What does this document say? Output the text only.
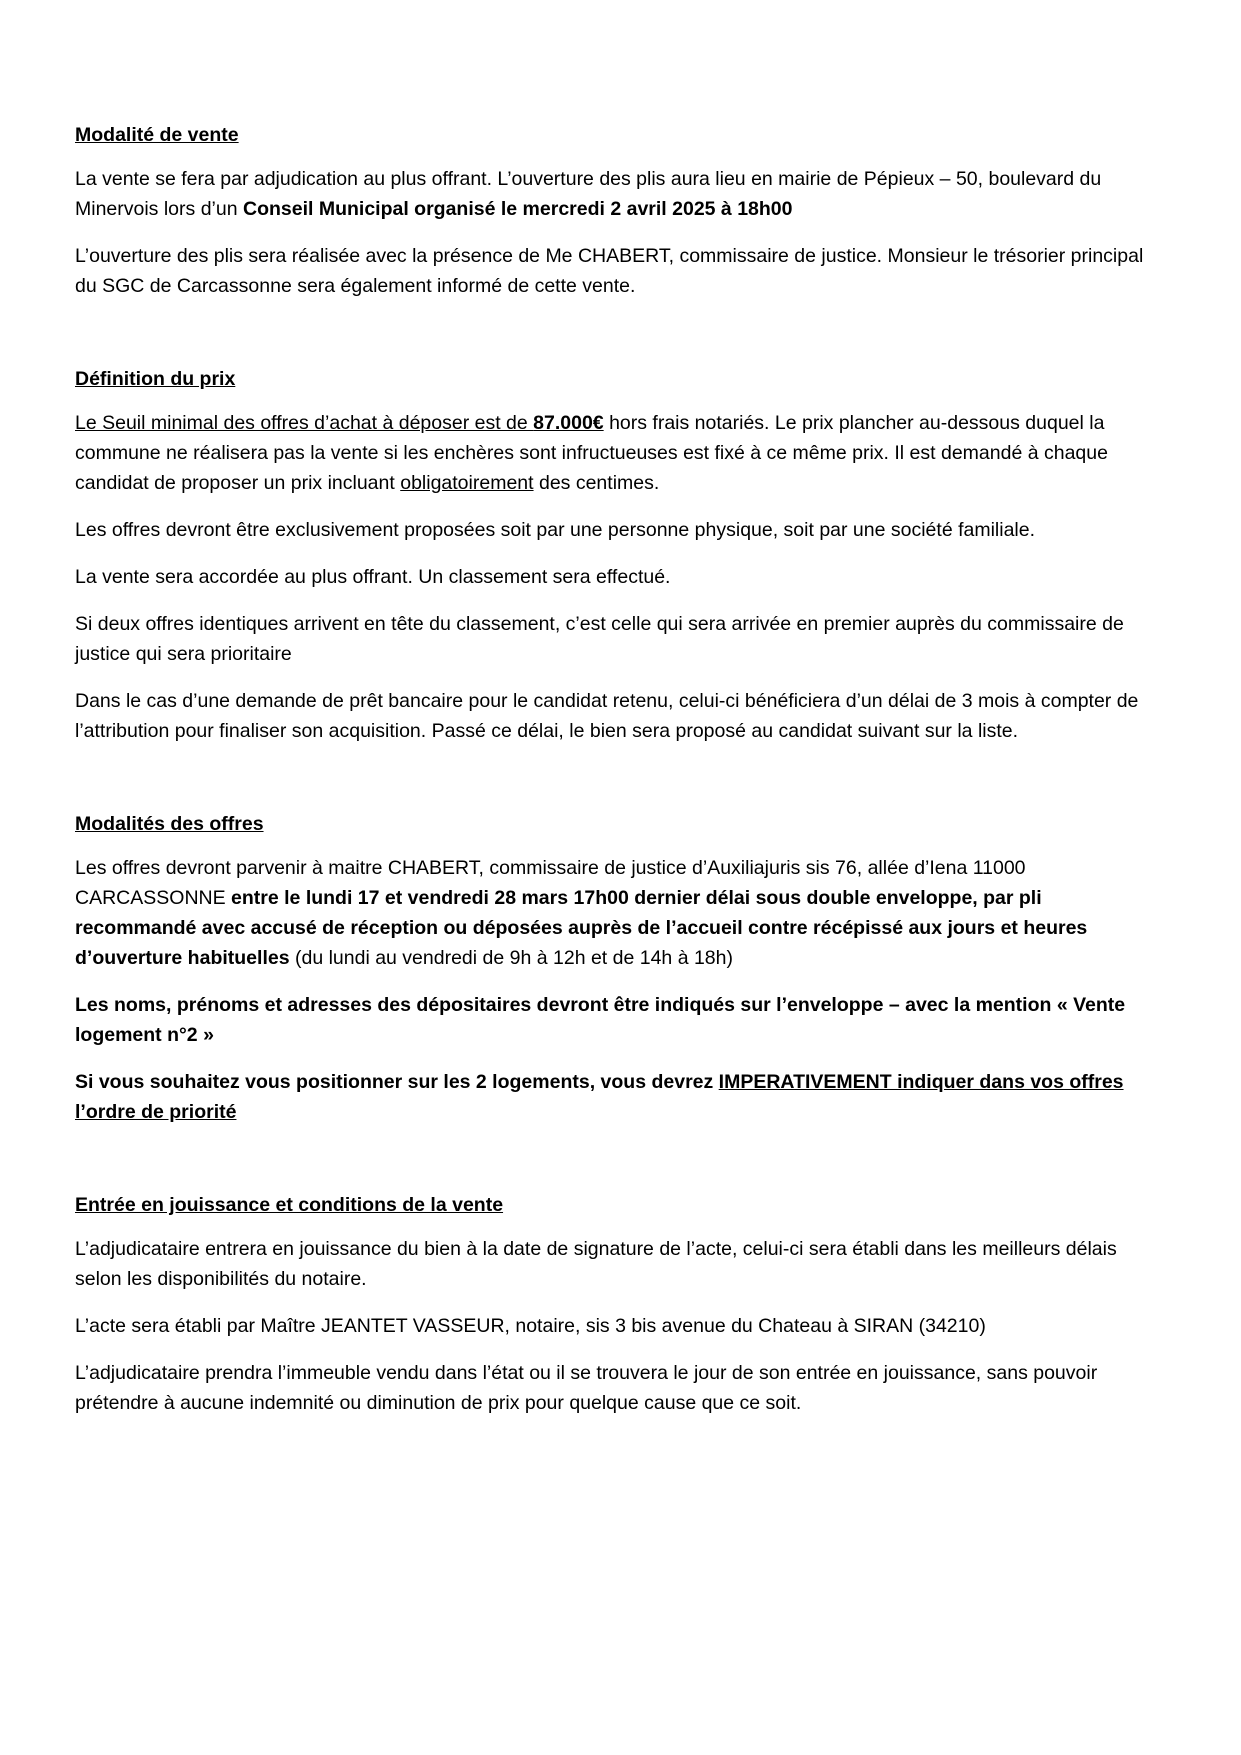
Modalité de vente

La vente se fera par adjudication au plus offrant. L’ouverture des plis aura lieu en mairie de Pépieux – 50, boulevard du Minervois lors d’un Conseil Municipal organisé le mercredi 2 avril 2025 à 18h00

L’ouverture des plis sera réalisée avec la présence de Me CHABERT, commissaire de justice. Monsieur le trésorier principal du SGC de Carcassonne sera également informé de cette vente.

Définition du prix

Le Seuil minimal des offres d’achat à déposer est de 87.000€ hors frais notariés. Le prix plancher au-dessous duquel la commune ne réalisera pas la vente si les enchères sont infructueuses est fixé à ce même prix. Il est demandé à chaque candidat de proposer un prix incluant obligatoirement des centimes.

Les offres devront être exclusivement proposées soit par une personne physique, soit par une société familiale.

La vente sera accordée au plus offrant. Un classement sera effectué.

Si deux offres identiques arrivent en tête du classement, c’est celle qui sera arrivée en premier auprès du commissaire de justice qui sera prioritaire

Dans le cas d’une demande de prêt bancaire pour le candidat retenu, celui-ci bénéficiera d’un délai de 3 mois à compter de l’attribution pour finaliser son acquisition. Passé ce délai, le bien sera proposé au candidat suivant sur la liste.

Modalités des offres

Les offres devront parvenir à maitre CHABERT, commissaire de justice d’Auxiliajuris sis 76, allée d’Iena 11000 CARCASSONNE entre le lundi 17 et vendredi 28 mars 17h00 dernier délai sous double enveloppe, par pli recommandé avec accusé de réception ou déposées auprès de l’accueil contre récépissé aux jours et heures d’ouverture habituelles (du lundi au vendredi de 9h à 12h et de 14h à 18h)

Les noms, prénoms et adresses des dépositaires devront être indiqués sur l’enveloppe – avec la mention « Vente logement n°2 »

Si vous souhaitez vous positionner sur les 2 logements, vous devrez IMPERATIVEMENT indiquer dans vos offres l’ordre de priorité

Entrée en jouissance et conditions de la vente

L’adjudicataire entrera en jouissance du bien à la date de signature de l’acte, celui-ci sera établi dans les meilleurs délais selon les disponibilités du notaire.

L’acte sera établi par Maître JEANTET VASSEUR, notaire, sis 3 bis avenue du Chateau à SIRAN (34210)

L’adjudicataire prendra l’immeuble vendu dans l’état ou il se trouvera le jour de son entrée en jouissance, sans pouvoir prétendre à aucune indemnité ou diminution de prix pour quelque cause que ce soit.
